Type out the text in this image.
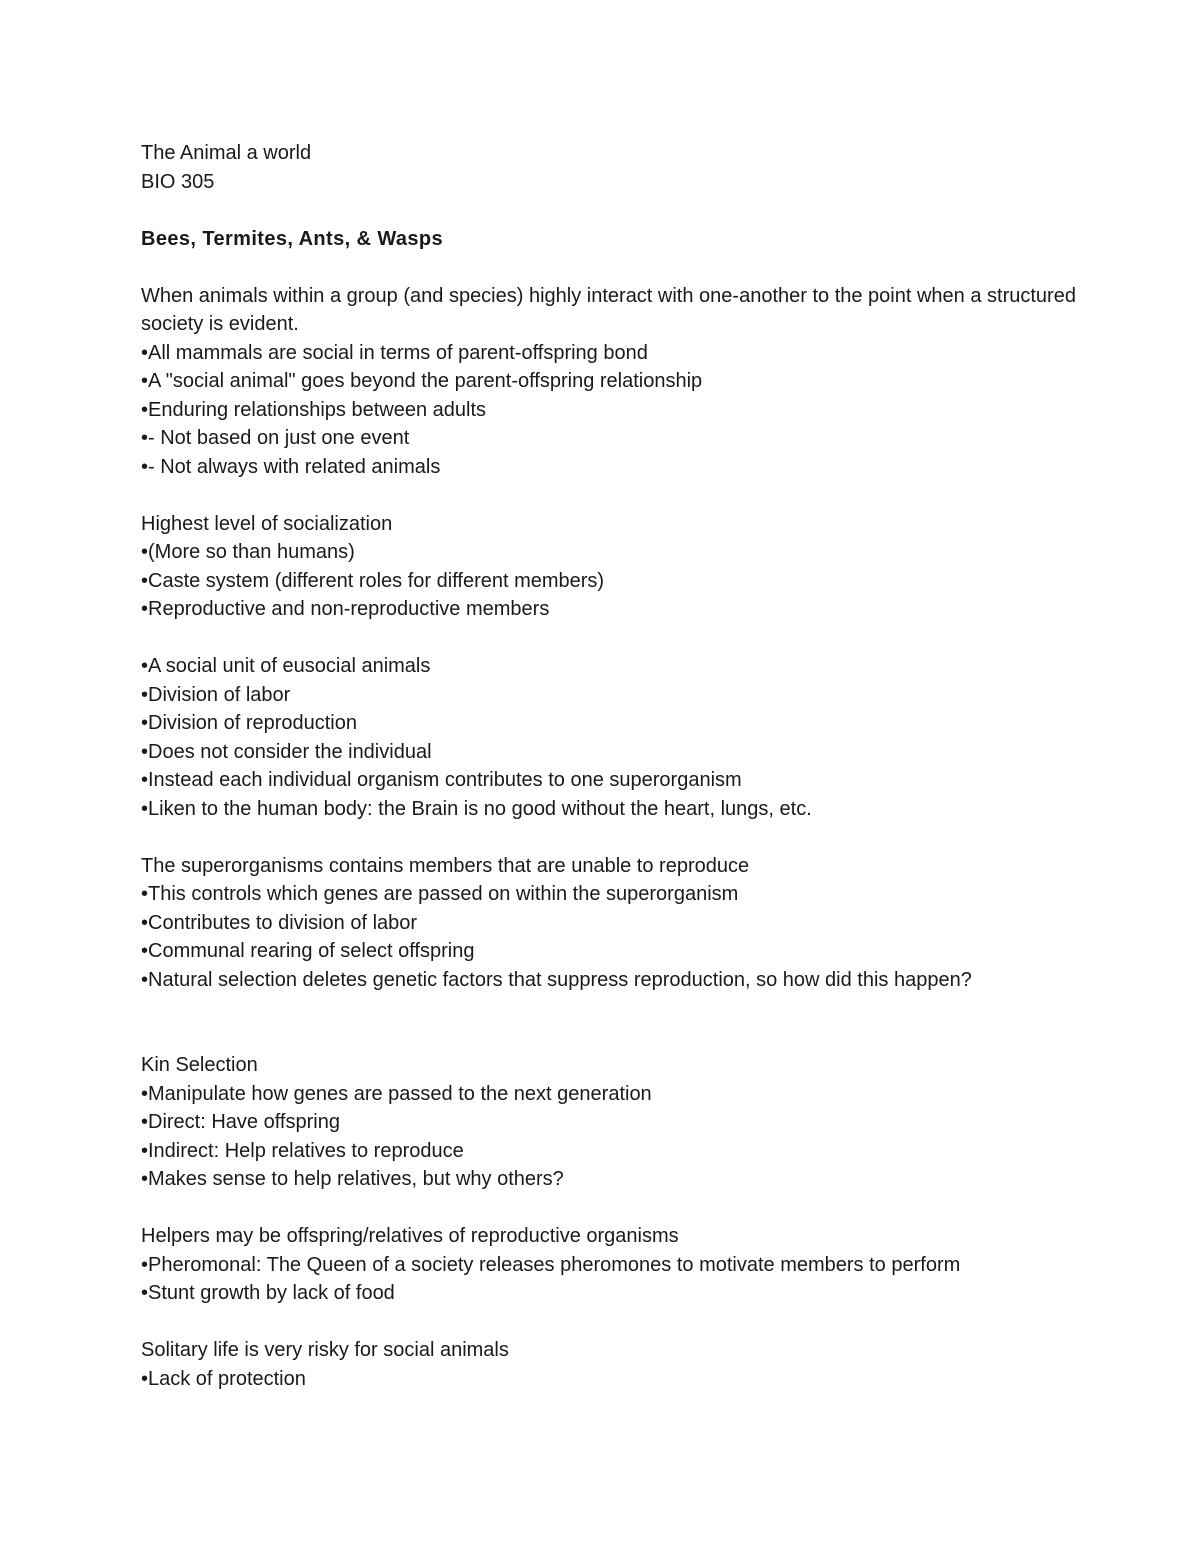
The Animal a world
BIO 305
Bees, Termites, Ants, & Wasps
When animals within a group (and species) highly interact with one-another to the point when a structured society is evident.
•All mammals are social in terms of parent-offspring bond
•A "social animal" goes beyond the parent-offspring relationship
•Enduring relationships between adults
•- Not based on just one event
•- Not always with related animals
Highest level of socialization
•(More so than humans)
•Caste system (different roles for different members)
•Reproductive and non-reproductive members
•A social unit of eusocial animals
•Division of labor
•Division of reproduction
•Does not consider the individual
•Instead each individual organism contributes to one superorganism
•Liken to the human body: the Brain is no good without the heart, lungs, etc.
The superorganisms contains members that are unable to reproduce
•This controls which genes are passed on within the superorganism
•Contributes to division of labor
•Communal rearing of select offspring
•Natural selection deletes genetic factors that suppress reproduction, so how did this happen?
Kin Selection
•Manipulate how genes are passed to the next generation
•Direct: Have offspring
•Indirect: Help relatives to reproduce
•Makes sense to help relatives, but why others?
Helpers may be offspring/relatives of reproductive organisms
•Pheromonal: The Queen of a society releases pheromones to motivate members to perform
•Stunt growth by lack of food
Solitary life is very risky for social animals
•Lack of protection
